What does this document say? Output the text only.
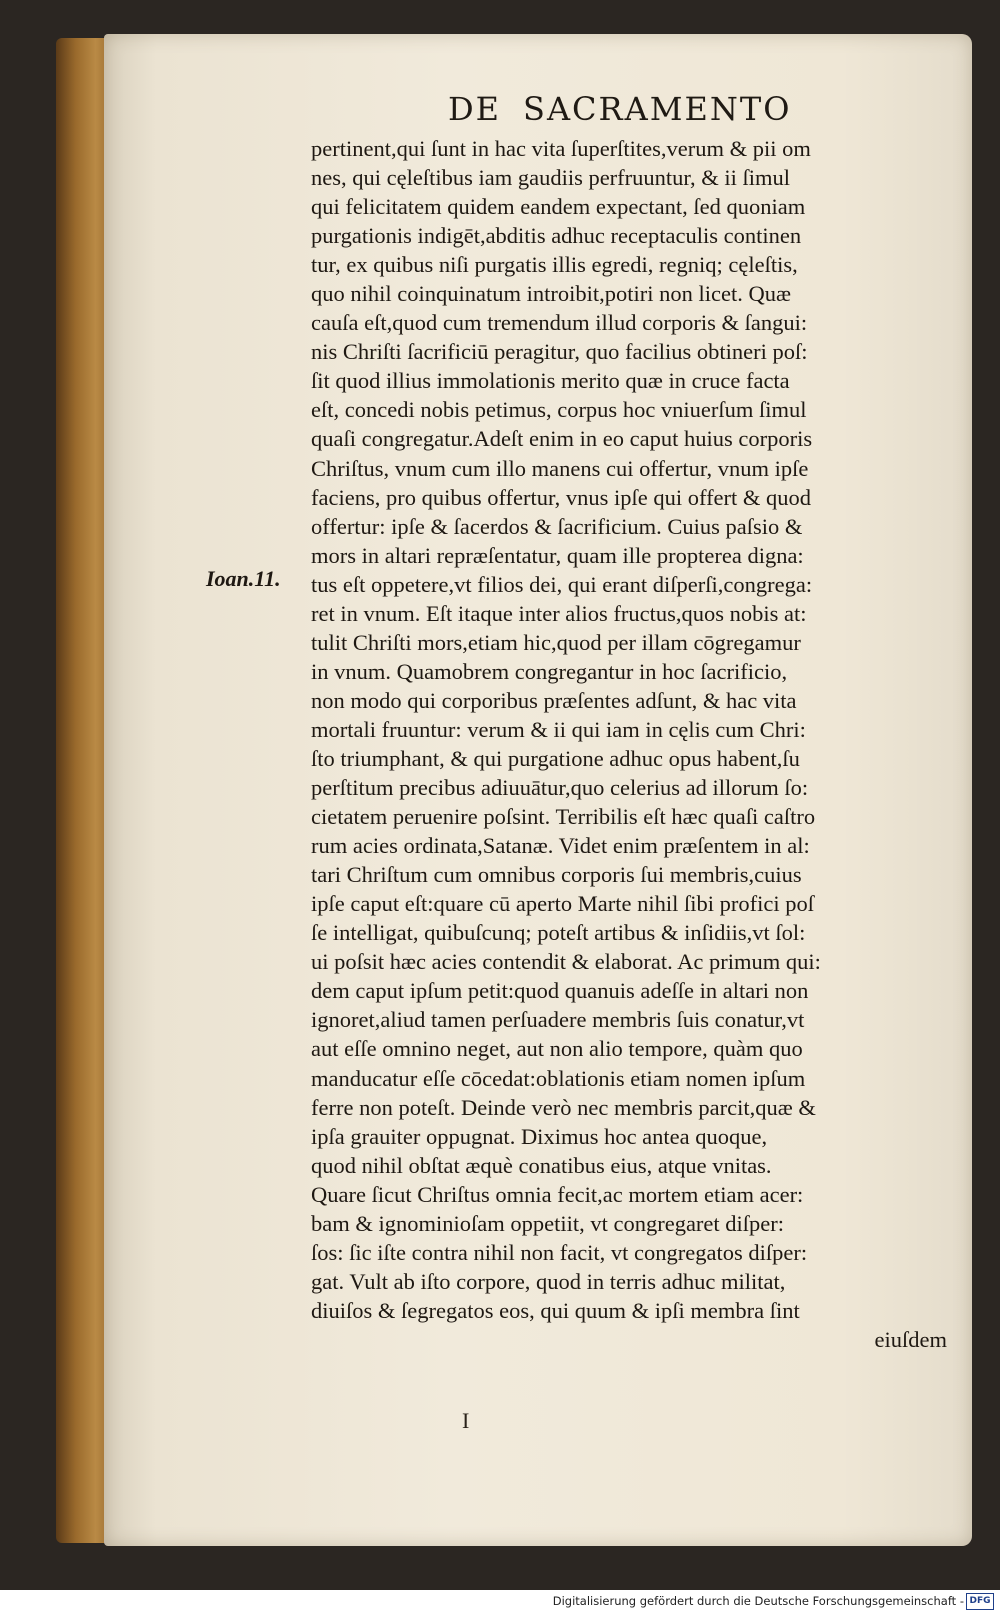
DE SACRAMENTO
Ioan.11.
pertinent,qui ſunt in hac vita ſuperſtites,verum & pii om
nes, qui cęleſtibus iam gaudiis perfruuntur, & ii ſimul
qui felicitatem quidem eandem expectant, ſed quoniam
purgationis indigēt,abditis adhuc receptaculis continen
tur, ex quibus niſi purgatis illis egredi, regniq; cęleſtis,
quo nihil coinquinatum introibit,potiri non licet. Quæ
cauſa eſt,quod cum tremendum illud corporis & ſangui:
nis Chriſti ſacrificiū peragitur, quo facilius obtineri poſ:
ſit quod illius immolationis merito quæ in cruce facta
eſt, concedi nobis petimus, corpus hoc vniuerſum ſimul
quaſi congregatur.Adeſt enim in eo caput huius corporis
Chriſtus, vnum cum illo manens cui offertur, vnum ipſe
faciens, pro quibus offertur, vnus ipſe qui offert & quod
offertur: ipſe & ſacerdos & ſacrificium. Cuius paſsio &
mors in altari repræſentatur, quam ille propterea digna:
tus eſt oppetere,vt filios dei, qui erant diſperſi,congrega:
ret in vnum. Eſt itaque inter alios fructus,quos nobis at:
tulit Chriſti mors,etiam hic,quod per illam cōgregamur
in vnum. Quamobrem congregantur in hoc ſacrificio,
non modo qui corporibus præſentes adſunt, & hac vita
mortali fruuntur: verum & ii qui iam in cęlis cum Chri:
ſto triumphant, & qui purgatione adhuc opus habent,ſu
perſtitum precibus adiuuātur,quo celerius ad illorum ſo:
cietatem peruenire poſsint. Terribilis eſt hæc quaſi caſtro
rum acies ordinata,Satanæ. Videt enim præſentem in al:
tari Chriſtum cum omnibus corporis ſui membris,cuius
ipſe caput eſt:quare cū aperto Marte nihil ſibi profici poſ
ſe intelligat, quibuſcunq; poteſt artibus & inſidiis,vt ſol:
ui poſsit hæc acies contendit & elaborat. Ac primum qui:
dem caput ipſum petit:quod quanuis adeſſe in altari non
ignoret,aliud tamen perſuadere membris ſuis conatur,vt
aut eſſe omnino neget, aut non alio tempore, quàm quo
manducatur eſſe cōcedat:oblationis etiam nomen ipſum
ferre non poteſt. Deinde verò nec membris parcit,quæ &
ipſa grauiter oppugnat. Diximus hoc antea quoque,
quod nihil obſtat æquè conatibus eius, atque vnitas.
Quare ſicut Chriſtus omnia fecit,ac mortem etiam acer:
bam & ignominioſam oppetiit, vt congregaret diſper:
ſos: ſic iſte contra nihil non facit, vt congregatos diſper:
gat. Vult ab iſto corpore, quod in terris adhuc militat,
diuiſos & ſegregatos eos, qui quum & ipſi membra ſint
eiuſdem
I
Digitalisierung gefördert durch die Deutsche Forschungsgemeinschaft - DFG
